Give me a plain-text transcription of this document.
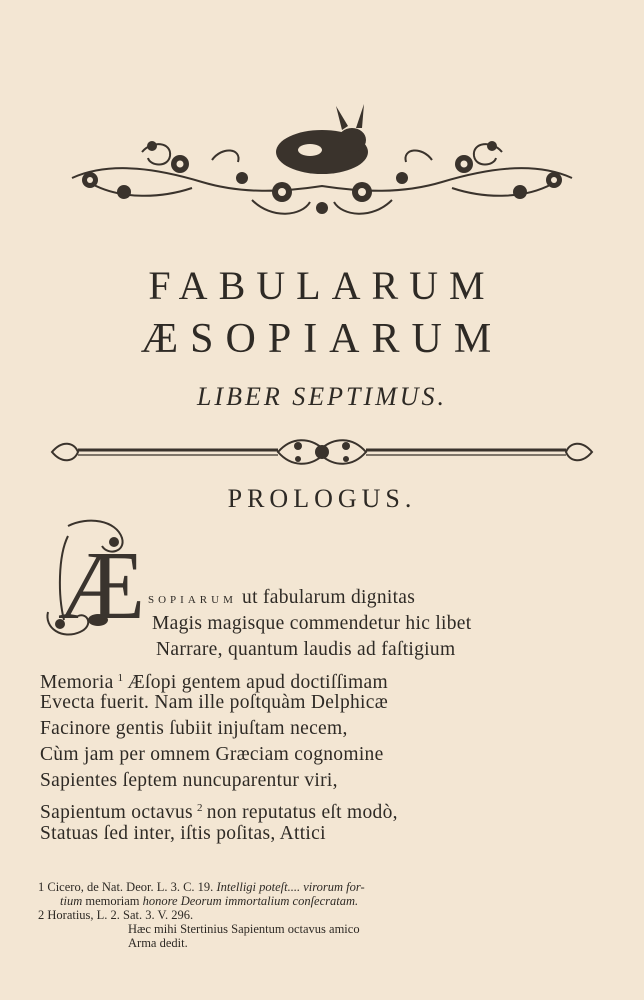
FABULARUM
ÆSOPIARUM
LIBER SEPTIMUS.
PROLOGUS.
Æ SOPIARUM ut fabularum dignitas
Magis magisque commendetur hic libet
Narrare, quantum laudis ad faſtigium
Memoria $^1$ Æſopi gentem apud doctiſſimam
Evecta fuerit. Nam ille poſtquàm Delphicæ
Facinore gentis ſubiit injuſtam necem,
Cùm jam per omnem Græciam cognomine
Sapientes ſeptem nuncuparentur viri,
Sapientum octavus $^2$ non reputatus eſt modò,
Statuas ſed inter, iſtis poſitas, Attici
1 Cicero, de Nat. Deor. L. 3. C. 19. Intelligi poteſt.... virorum for-
tium memoriam honore Deorum immortalium conſecratam.
2 Horatius, L. 2. Sat. 3. V. 296.
Hæc mihi Stertinius Sapientum octavus amico
Arma dedit.
